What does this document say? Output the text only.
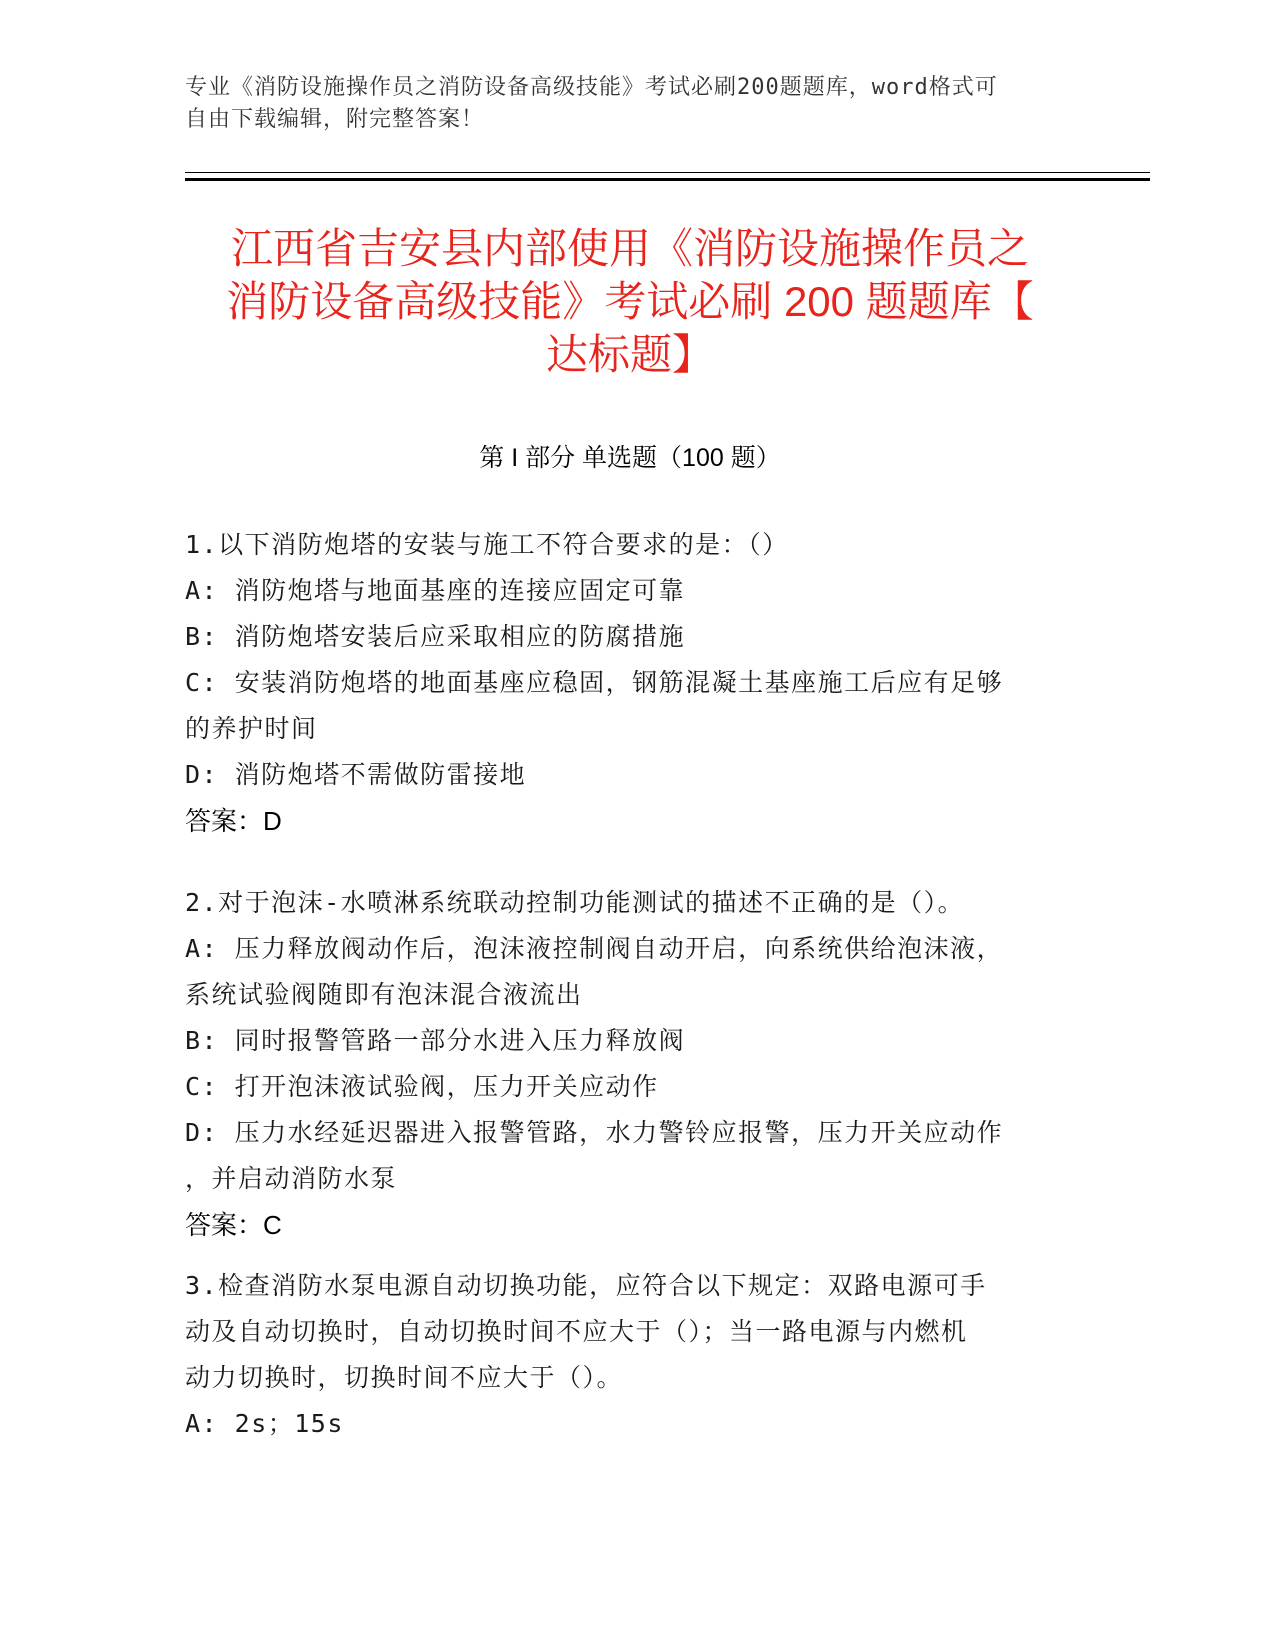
专业《消防设施操作员之消防设备高级技能》考试必刷200题题库，word格式可
自由下载编辑，附完整答案！
江西省吉安县内部使用《消防设施操作员之
消防设备高级技能》考试必刷 200 题题库【
达标题】
第 I 部分 单选题（100 题）
1.以下消防炮塔的安装与施工不符合要求的是：（）
A: 消防炮塔与地面基座的连接应固定可靠
B: 消防炮塔安装后应采取相应的防腐措施
C: 安装消防炮塔的地面基座应稳固，钢筋混凝土基座施工后应有足够
的养护时间
D: 消防炮塔不需做防雷接地
答案：D
2.对于泡沫-水喷淋系统联动控制功能测试的描述不正确的是（）。
A: 压力释放阀动作后，泡沫液控制阀自动开启，向系统供给泡沫液，
系统试验阀随即有泡沫混合液流出
B: 同时报警管路一部分水进入压力释放阀
C: 打开泡沫液试验阀，压力开关应动作
D: 压力水经延迟器进入报警管路，水力警铃应报警，压力开关应动作
，并启动消防水泵
答案：C
3.检查消防水泵电源自动切换功能，应符合以下规定：双路电源可手
动及自动切换时，自动切换时间不应大于（）；当一路电源与内燃机
动力切换时，切换时间不应大于（）。
A: 2s；15s
